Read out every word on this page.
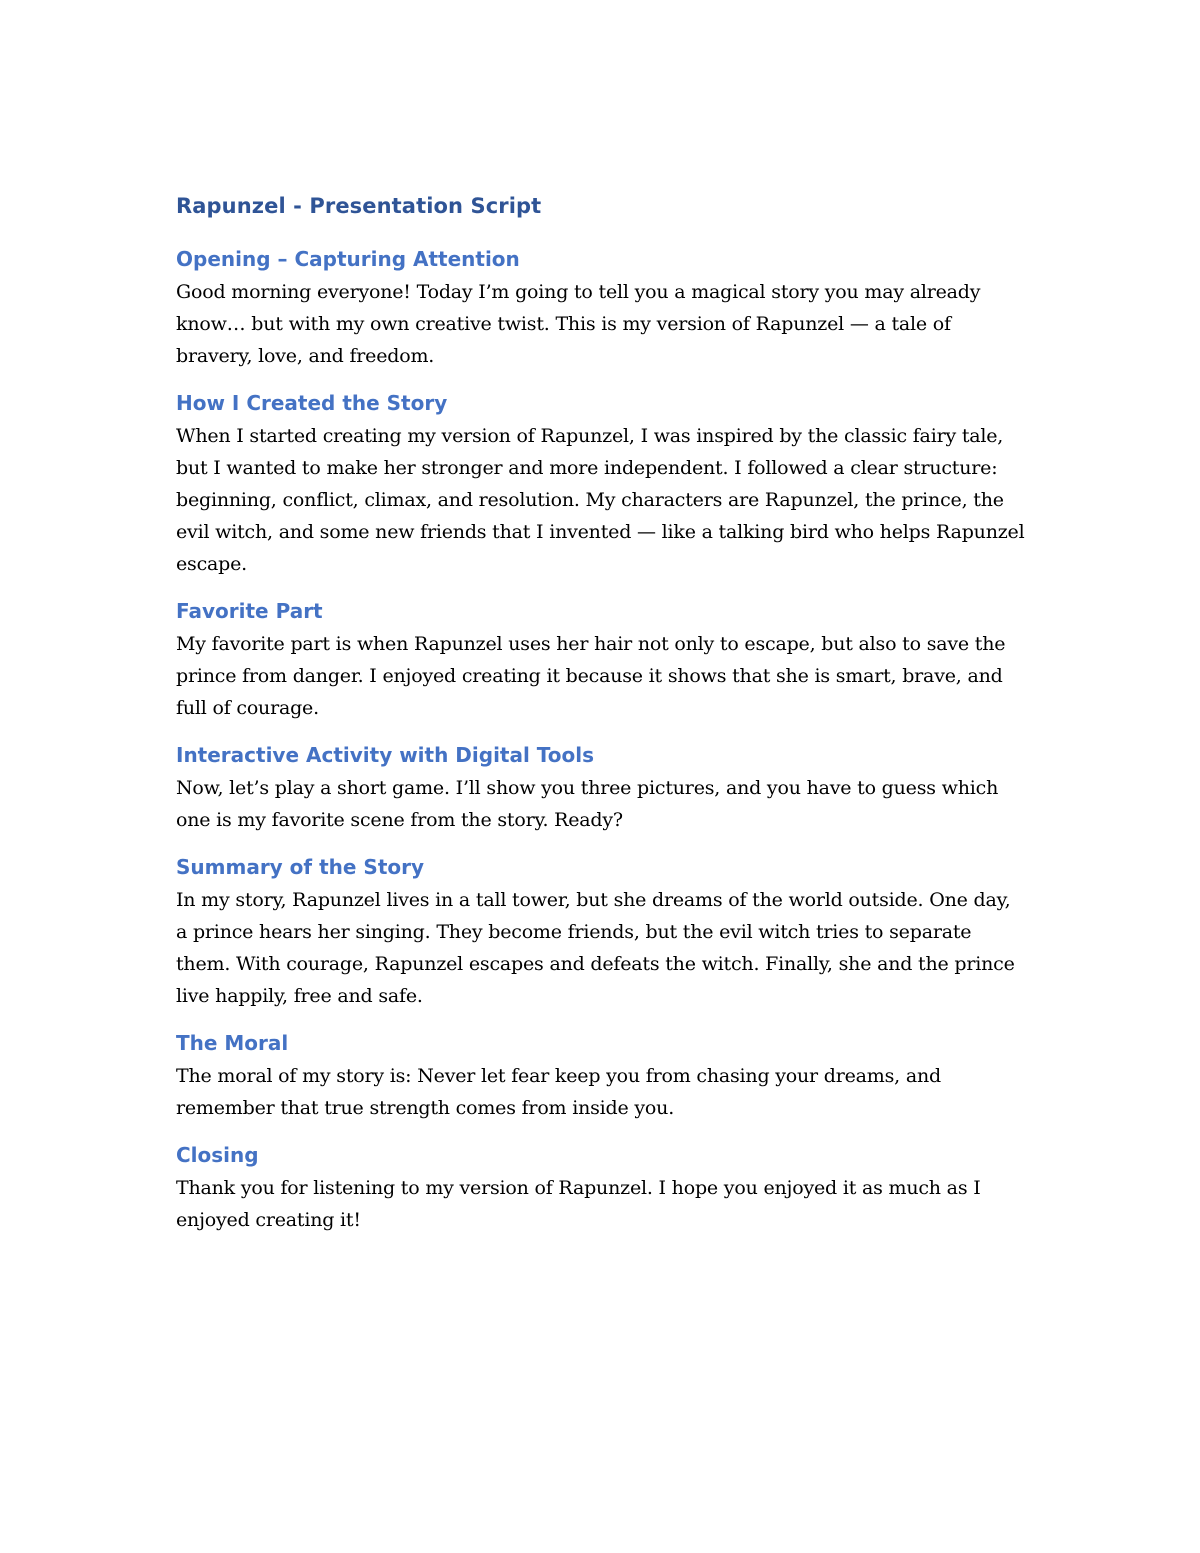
Rapunzel - Presentation Script
Opening – Capturing Attention

Good morning everyone! Today I’m going to tell you a magical story you may already know… but with my own creative twist. This is my version of Rapunzel — a tale of bravery, love, and freedom.

How I Created the Story

When I started creating my version of Rapunzel, I was inspired by the classic fairy tale, but I wanted to make her stronger and more independent. I followed a clear structure: beginning, conflict, climax, and resolution. My characters are Rapunzel, the prince, the evil witch, and some new friends that I invented — like a talking bird who helps Rapunzel escape.

Favorite Part

My favorite part is when Rapunzel uses her hair not only to escape, but also to save the prince from danger. I enjoyed creating it because it shows that she is smart, brave, and full of courage.

Interactive Activity with Digital Tools

Now, let’s play a short game. I’ll show you three pictures, and you have to guess which one is my favorite scene from the story. Ready?

Summary of the Story

In my story, Rapunzel lives in a tall tower, but she dreams of the world outside. One day, a prince hears her singing. They become friends, but the evil witch tries to separate them. With courage, Rapunzel escapes and defeats the witch. Finally, she and the prince live happily, free and safe.

The Moral

The moral of my story is: Never let fear keep you from chasing your dreams, and remember that true strength comes from inside you.

Closing

Thank you for listening to my version of Rapunzel. I hope you enjoyed it as much as I enjoyed creating it!
